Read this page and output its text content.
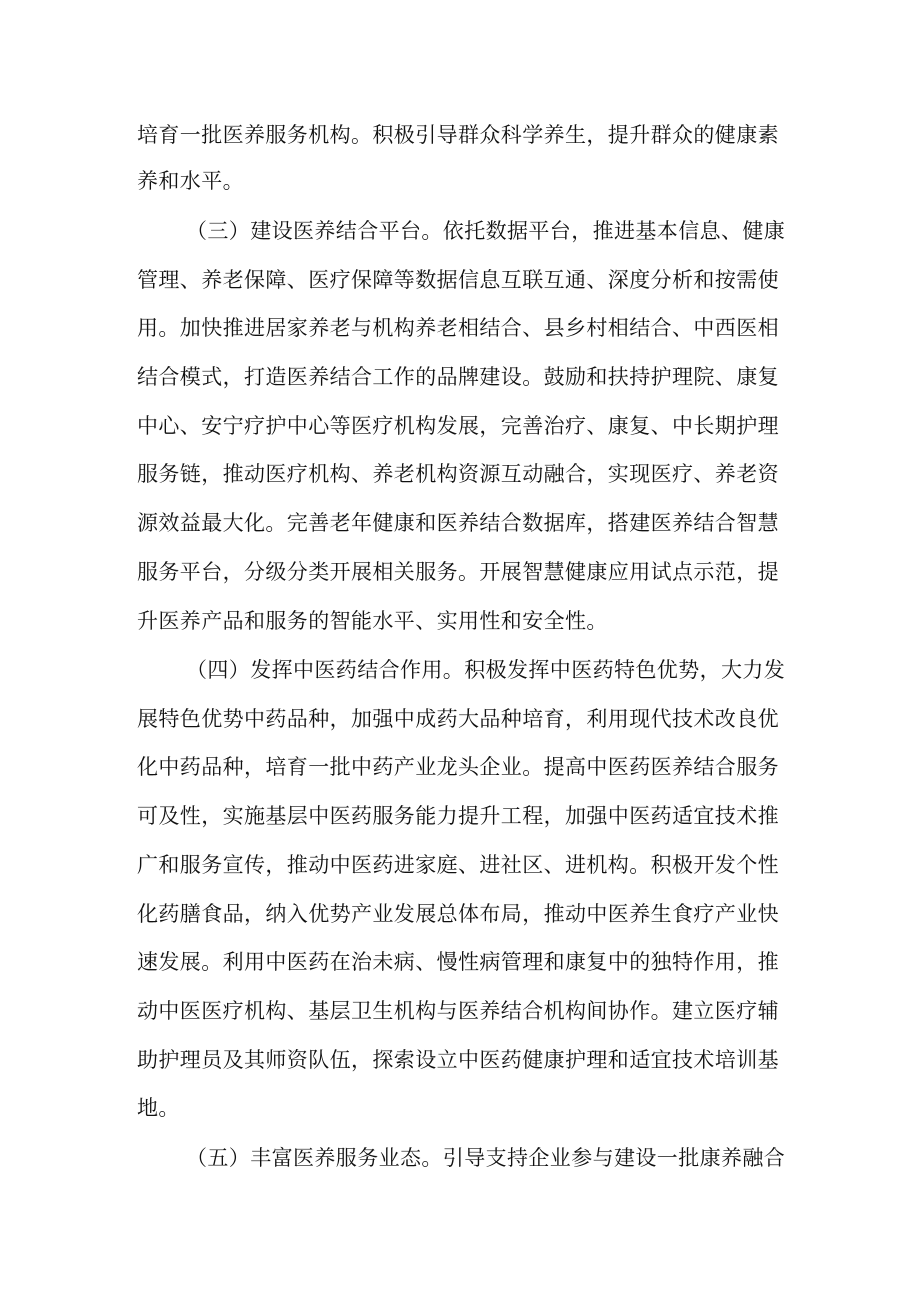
培育一批医养服务机构。积极引导群众科学养生，提升群众的健康素
养和水平。
（三）建设医养结合平台。依托数据平台，推进基本信息、健康
管理、养老保障、医疗保障等数据信息互联互通、深度分析和按需使
用。加快推进居家养老与机构养老相结合、县乡村相结合、中西医相
结合模式，打造医养结合工作的品牌建设。鼓励和扶持护理院、康复
中心、安宁疗护中心等医疗机构发展，完善治疗、康复、中长期护理
服务链，推动医疗机构、养老机构资源互动融合，实现医疗、养老资
源效益最大化。完善老年健康和医养结合数据库，搭建医养结合智慧
服务平台，分级分类开展相关服务。开展智慧健康应用试点示范，提
升医养产品和服务的智能水平、实用性和安全性。
（四）发挥中医药结合作用。积极发挥中医药特色优势，大力发
展特色优势中药品种，加强中成药大品种培育，利用现代技术改良优
化中药品种，培育一批中药产业龙头企业。提高中医药医养结合服务
可及性，实施基层中医药服务能力提升工程，加强中医药适宜技术推
广和服务宣传，推动中医药进家庭、进社区、进机构。积极开发个性
化药膳食品，纳入优势产业发展总体布局，推动中医养生食疗产业快
速发展。利用中医药在治未病、慢性病管理和康复中的独特作用，推
动中医医疗机构、基层卫生机构与医养结合机构间协作。建立医疗辅
助护理员及其师资队伍，探索设立中医药健康护理和适宜技术培训基
地。
（五）丰富医养服务业态。引导支持企业参与建设一批康养融合
